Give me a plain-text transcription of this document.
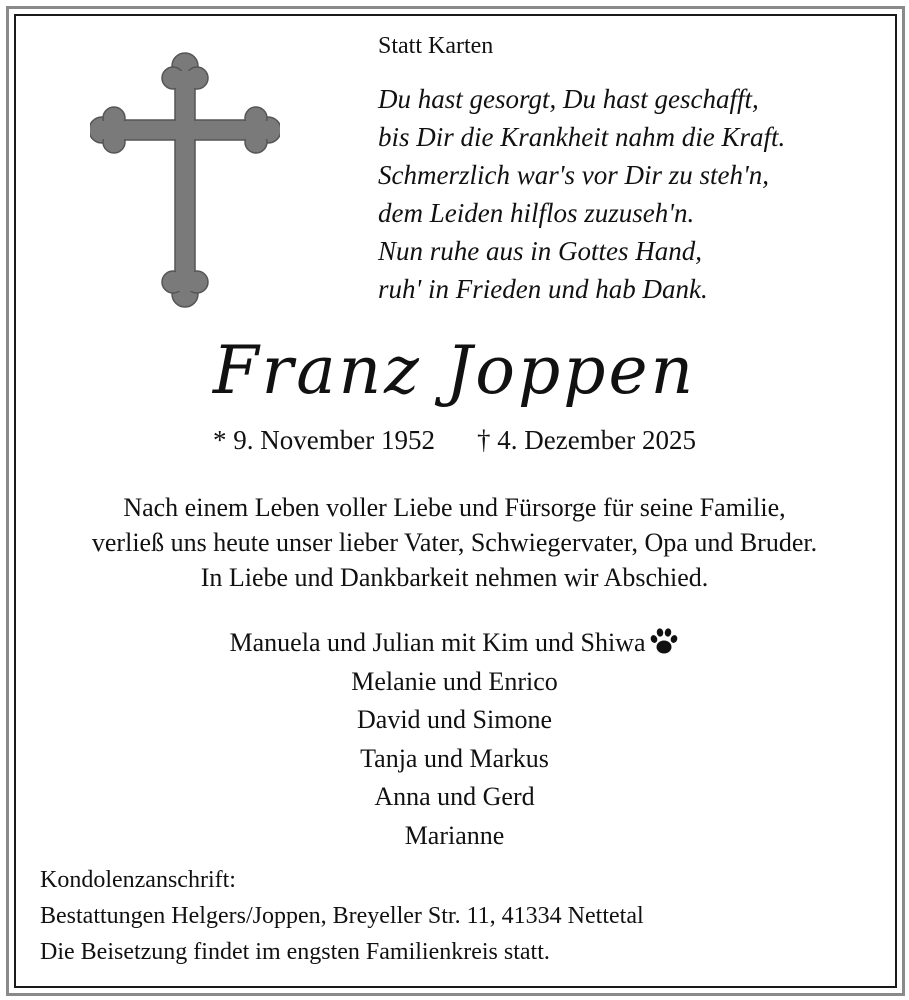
Statt Karten
Du hast gesorgt, Du hast geschafft,
bis Dir die Krankheit nahm die Kraft.
Schmerzlich war's vor Dir zu steh'n,
dem Leiden hilflos zuzuseh'n.
Nun ruhe aus in Gottes Hand,
ruh' in Frieden und hab Dank.
Franz Joppen
* 9. November 1952 † 4. Dezember 2025
Nach einem Leben voller Liebe und Fürsorge für seine Familie,
verließ uns heute unser lieber Vater, Schwiegervater, Opa und Bruder.
In Liebe und Dankbarkeit nehmen wir Abschied.
Manuela und Julian mit Kim und Shiwa
Melanie und Enrico
David und Simone
Tanja und Markus
Anna und Gerd
Marianne
Kondolenzanschrift:
Bestattungen Helgers/Joppen, Breyeller Str. 11, 41334 Nettetal
Die Beisetzung findet im engsten Familienkreis statt.
